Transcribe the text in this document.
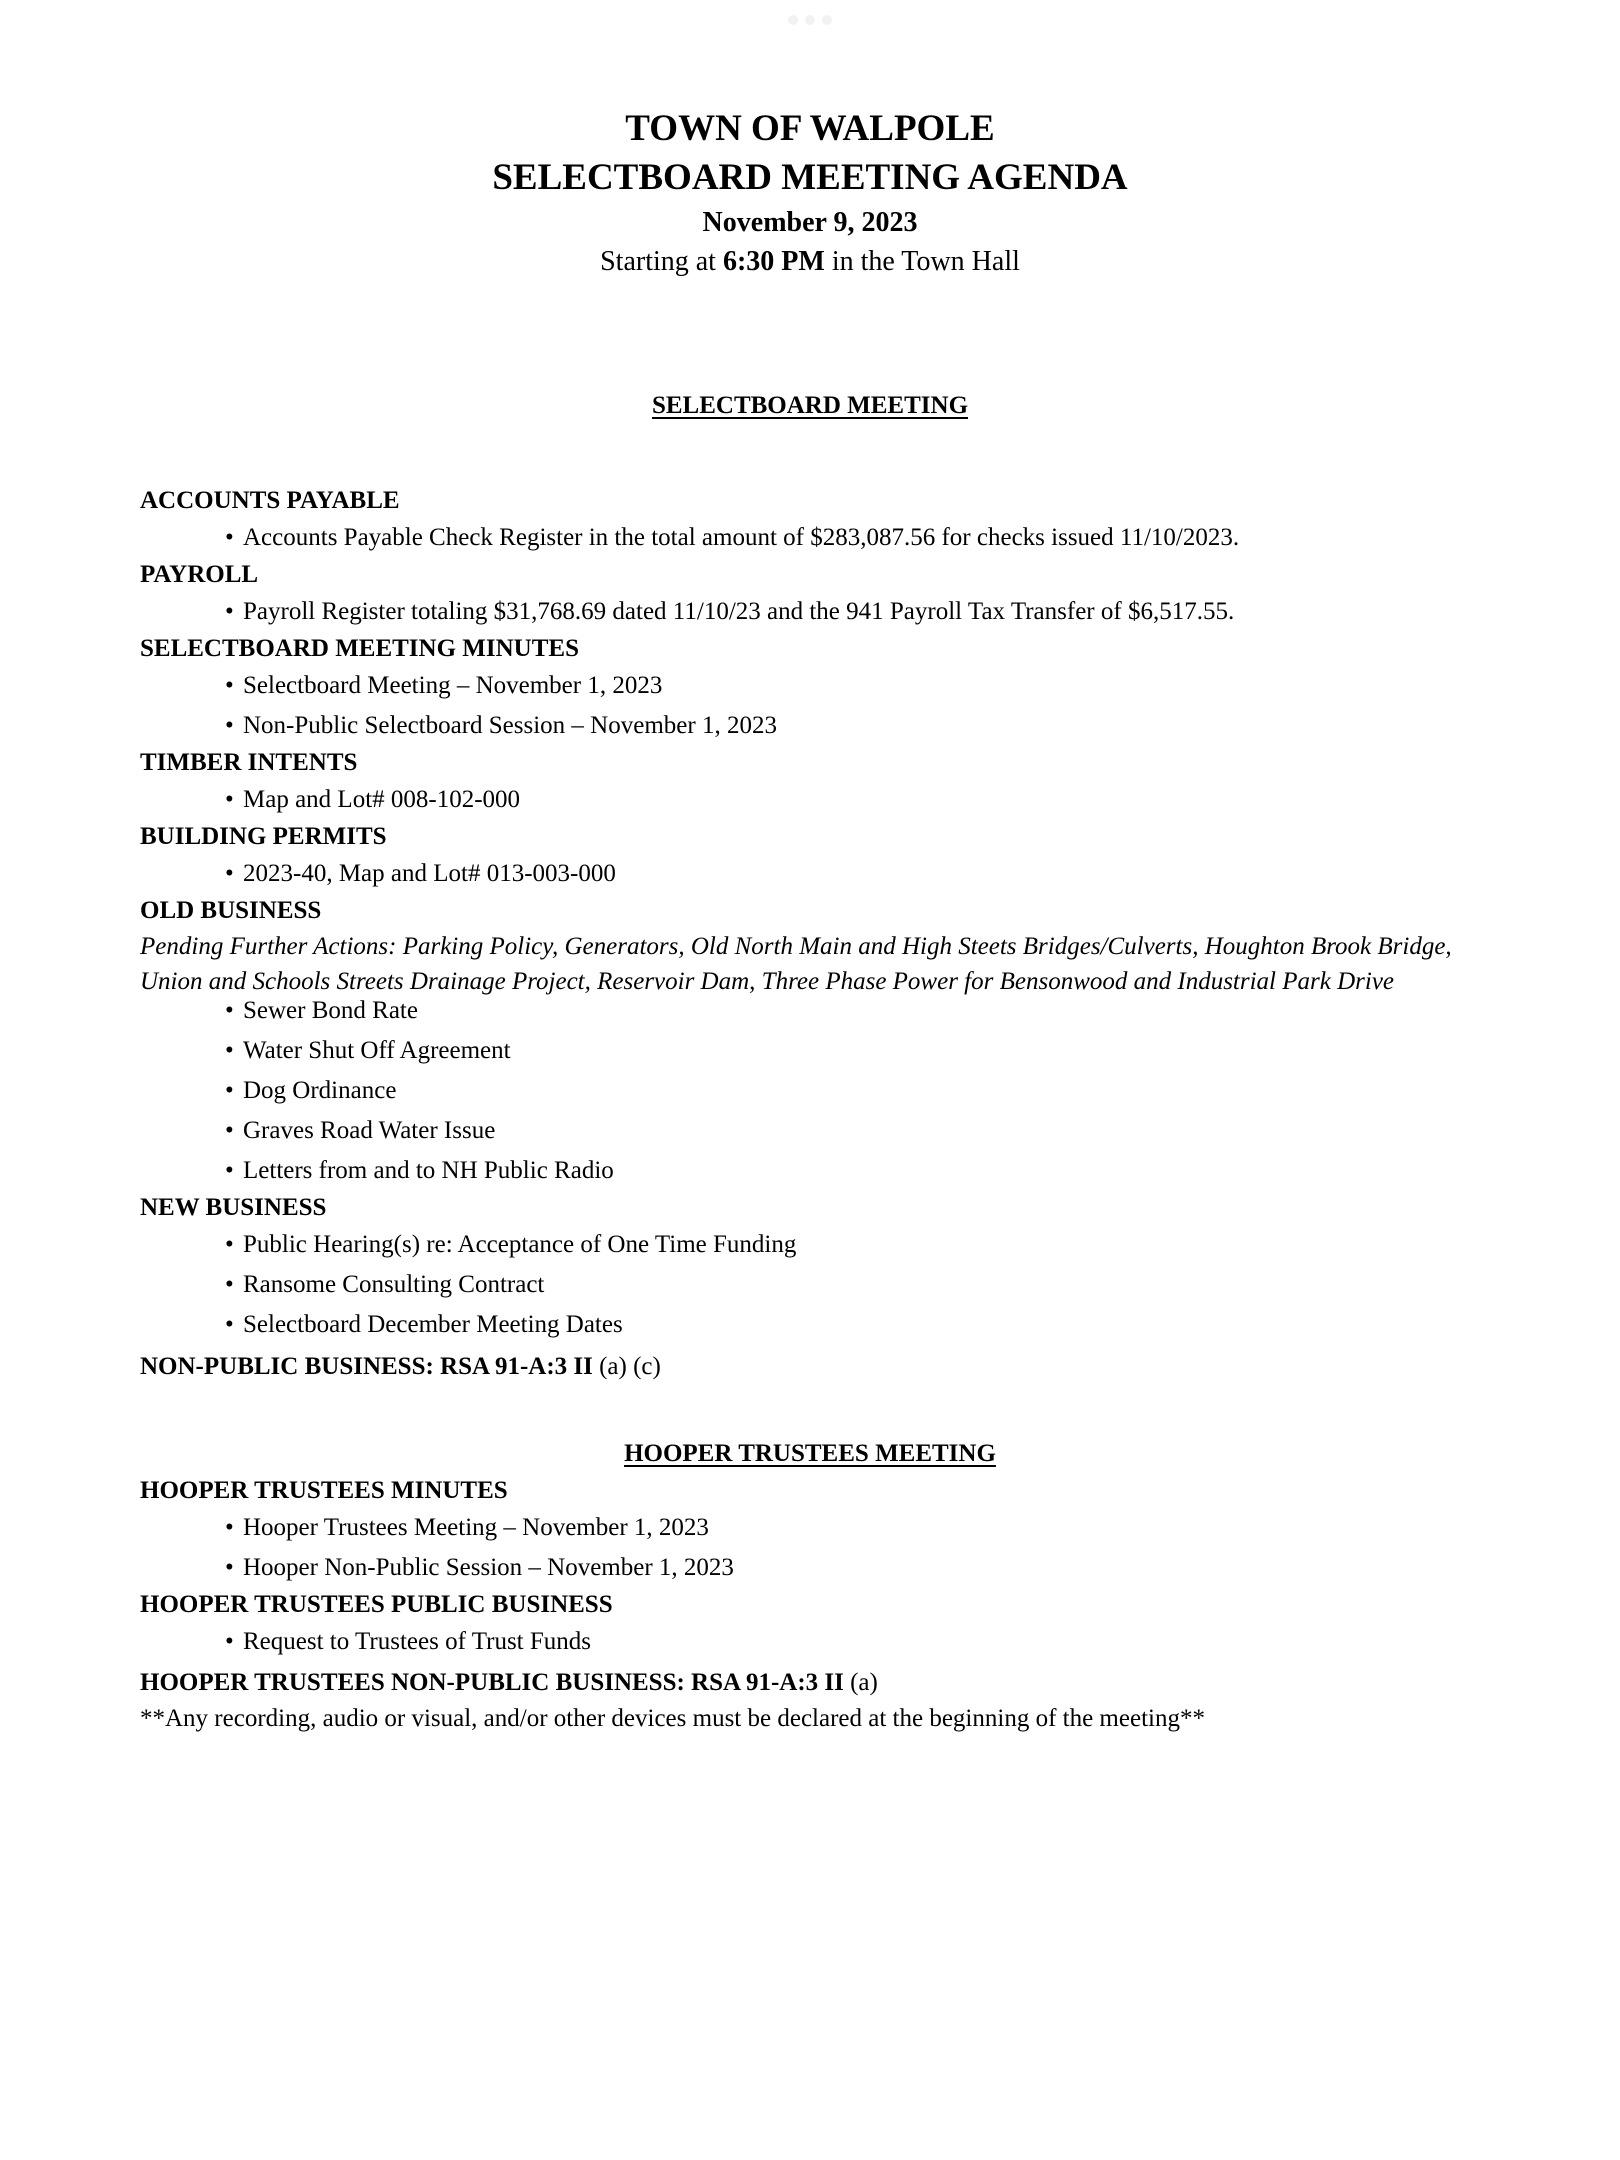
TOWN OF WALPOLE
SELECTBOARD MEETING AGENDA
November 9, 2023
Starting at 6:30 PM in the Town Hall
SELECTBOARD MEETING

ACCOUNTS PAYABLE

• Accounts Payable Check Register in the total amount of $283,087.56 for checks issued 11/10/2023.

PAYROLL

• Payroll Register totaling $31,768.69 dated 11/10/23 and the 941 Payroll Tax Transfer of $6,517.55.

SELECTBOARD MEETING MINUTES

• Selectboard Meeting – November 1, 2023
• Non-Public Selectboard Session – November 1, 2023

TIMBER INTENTS

• Map and Lot# 008-102-000

BUILDING PERMITS

• 2023-40, Map and Lot# 013-003-000

OLD BUSINESS

Pending Further Actions: Parking Policy, Generators, Old North Main and High Steets Bridges/Culverts, Houghton Brook Bridge, Union and Schools Streets Drainage Project, Reservoir Dam, Three Phase Power for Bensonwood and Industrial Park Drive

• Sewer Bond Rate
• Water Shut Off Agreement
• Dog Ordinance
• Graves Road Water Issue
• Letters from and to NH Public Radio

NEW BUSINESS

• Public Hearing(s) re: Acceptance of One Time Funding
• Ransome Consulting Contract
• Selectboard December Meeting Dates

NON-PUBLIC BUSINESS: RSA 91-A:3 II (a) (c)

HOOPER TRUSTEES MEETING

HOOPER TRUSTEES MINUTES

• Hooper Trustees Meeting – November 1, 2023
• Hooper Non-Public Session – November 1, 2023

HOOPER TRUSTEES PUBLIC BUSINESS

• Request to Trustees of Trust Funds

HOOPER TRUSTEES NON-PUBLIC BUSINESS: RSA 91-A:3 II (a)

**Any recording, audio or visual, and/or other devices must be declared at the beginning of the meeting**
